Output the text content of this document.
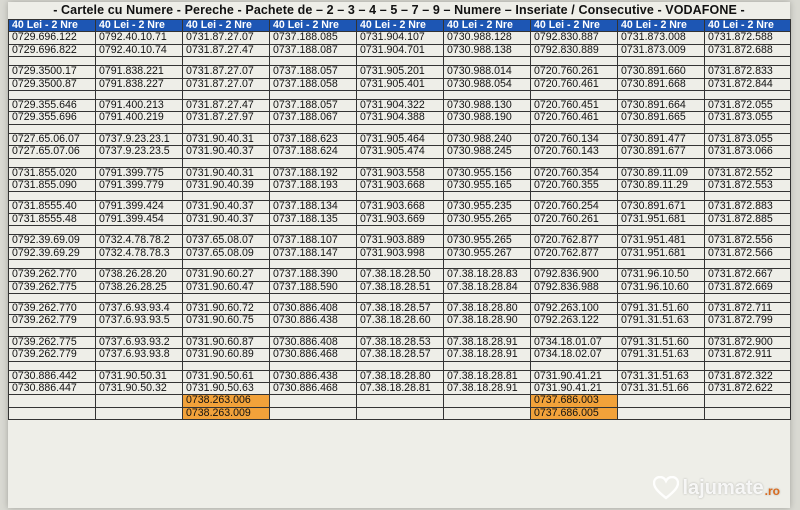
- Cartele cu Numere - Pereche - Pachete de – 2 – 3 – 4 – 5 – 7 – 9 – Numere – Inseriate / Consecutive - VODAFONE -
40 Lei - 2 Nre	40 Lei - 2 Nre	40 Lei - 2 Nre	40 Lei - 2 Nre	40 Lei - 2 Nre	40 Lei - 2 Nre	40 Lei - 2 Nre	40 Lei - 2 Nre	40 Lei - 2 Nre
0729.696.122	0792.40.10.71	0731.87.27.07	0737.188.085	0731.904.107	0730.988.128	0792.830.887	0731.873.008	0731.872.588
0729.696.822	0792.40.10.74	0731.87.27.47	0737.188.087	0731.904.701	0730.988.138	0792.830.889	0731.873.009	0731.872.688

0729.3500.17	0791.838.221	0731.87.27.07	0737.188.057	0731.905.201	0730.988.014	0720.760.261	0730.891.660	0731.872.833
0729.3500.87	0791.838.227	0731.87.27.07	0737.188.058	0731.905.401	0730.988.054	0720.760.461	0730.891.668	0731.872.844

0729.355.646	0791.400.213	0731.87.27.47	0737.188.057	0731.904.322	0730.988.130	0720.760.451	0730.891.664	0731.872.055
0729.355.696	0791.400.219	0731.87.27.97	0737.188.067	0731.904.388	0730.988.190	0720.760.461	0730.891.665	0731.873.055

0727.65.06.07	0737.9.23.23.1	0731.90.40.31	0737.188.623	0731.905.464	0730.988.240	0720.760.134	0730.891.477	0731.873.055
0727.65.07.06	0737.9.23.23.5	0731.90.40.37	0737.188.624	0731.905.474	0730.988.245	0720.760.143	0730.891.677	0731.873.066

0731.855.020	0791.399.775	0731.90.40.31	0737.188.192	0731.903.558	0730.955.156	0720.760.354	0730.89.11.09	0731.872.552
0731.855.090	0791.399.779	0731.90.40.39	0737.188.193	0731.903.668	0730.955.165	0720.760.355	0730.89.11.29	0731.872.553

0731.8555.40	0791.399.424	0731.90.40.37	0737.188.134	0731.903.668	0730.955.235	0720.760.254	0730.891.671	0731.872.883
0731.8555.48	0791.399.454	0731.90.40.37	0737.188.135	0731.903.669	0730.955.265	0720.760.261	0731.951.681	0731.872.885

0792.39.69.09	0732.4.78.78.2	0737.65.08.07	0737.188.107	0731.903.889	0730.955.265	0720.762.877	0731.951.481	0731.872.556
0792.39.69.29	0732.4.78.78.3	0737.65.08.09	0737.188.147	0731.903.998	0730.955.267	0720.762.877	0731.951.681	0731.872.566

0739.262.770	0738.26.28.20	0731.90.60.27	0737.188.390	07.38.18.28.50	07.38.18.28.83	0792.836.900	0731.96.10.50	0731.872.667
0739.262.775	0738.26.28.25	0731.90.60.47	0737.188.590	07.38.18.28.51	07.38.18.28.84	0792.836.988	0731.96.10.60	0731.872.669

0739.262.770	0737.6.93.93.4	0731.90.60.72	0730.886.408	07.38.18.28.57	07.38.18.28.80	0792.263.100	0791.31.51.60	0731.872.711
0739.262.779	0737.6.93.93.5	0731.90.60.75	0730.886.438	07.38.18.28.60	07.38.18.28.90	0792.263.122	0791.31.51.63	0731.872.799

0739.262.775	0737.6.93.93.2	0731.90.60.87	0730.886.408	07.38.18.28.53	07.38.18.28.91	0734.18.01.07	0791.31.51.60	0731.872.900
0739.262.779	0737.6.93.93.8	0731.90.60.89	0730.886.468	07.38.18.28.57	07.38.18.28.91	0734.18.02.07	0791.31.51.63	0731.872.911

0730.886.442	0731.90.50.31	0731.90.50.61	0730.886.438	07.38.18.28.80	07.38.18.28.81	0731.90.41.21	0731.31.51.63	0731.872.322
0730.886.447	0731.90.50.32	0731.90.50.63	0730.886.468	07.38.18.28.81	07.38.18.28.91	0731.90.41.21	0731.31.51.66	0731.872.622
		0738.263.006				0737.686.003		
		0738.263.009				0737.686.005		
lajumate .ro
